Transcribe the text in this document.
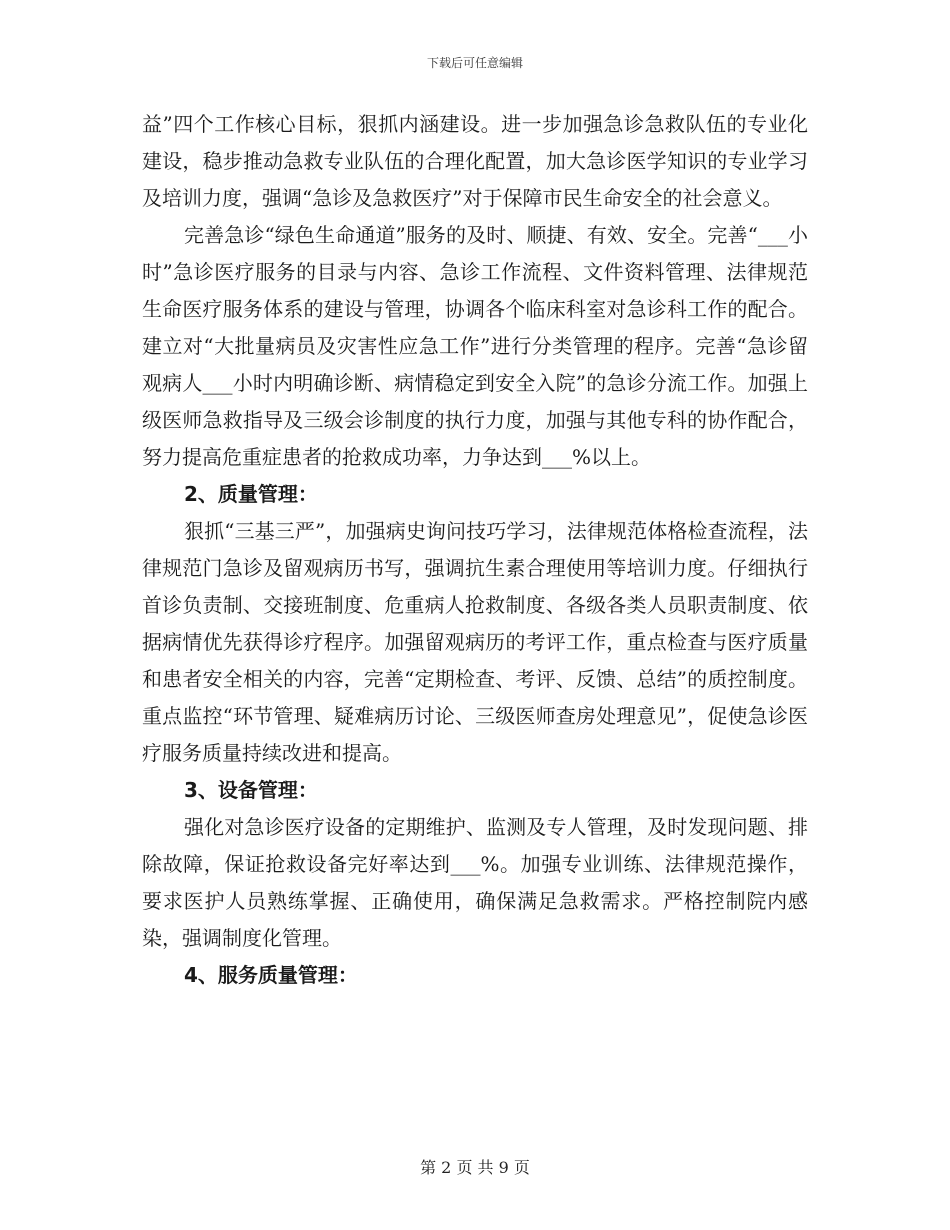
下载后可任意编辑

益”四个工作核心目标，狠抓内涵建设。进一步加强急诊急救队伍的专业化建设，稳步推动急救专业队伍的合理化配置，加大急诊医学知识的专业学习及培训力度，强调“急诊及急救医疗”对于保障市民生命安全的社会意义。

完善急诊“绿色生命通道”服务的及时、顺捷、有效、安全。完善“___小时”急诊医疗服务的目录与内容、急诊工作流程、文件资料管理、法律规范生命医疗服务体系的建设与管理，协调各个临床科室对急诊科工作的配合。建立对“大批量病员及灾害性应急工作”进行分类管理的程序。完善“急诊留观病人___小时内明确诊断、病情稳定到安全入院”的急诊分流工作。加强上级医师急救指导及三级会诊制度的执行力度，加强与其他专科的协作配合，努力提高危重症患者的抢救成功率，力争达到___%以上。

2、质量管理：

狠抓“三基三严”，加强病史询问技巧学习，法律规范体格检查流程，法律规范门急诊及留观病历书写，强调抗生素合理使用等培训力度。仔细执行首诊负责制、交接班制度、危重病人抢救制度、各级各类人员职责制度、依据病情优先获得诊疗程序。加强留观病历的考评工作，重点检查与医疗质量和患者安全相关的内容，完善“定期检查、考评、反馈、总结”的质控制度。重点监控“环节管理、疑难病历讨论、三级医师查房处理意见”，促使急诊医疗服务质量持续改进和提高。

3、设备管理：

强化对急诊医疗设备的定期维护、监测及专人管理，及时发现问题、排除故障，保证抢救设备完好率达到___%。加强专业训练、法律规范操作，要求医护人员熟练掌握、正确使用，确保满足急救需求。严格控制院内感染，强调制度化管理。

4、服务质量管理：

第 2 页 共 9 页
